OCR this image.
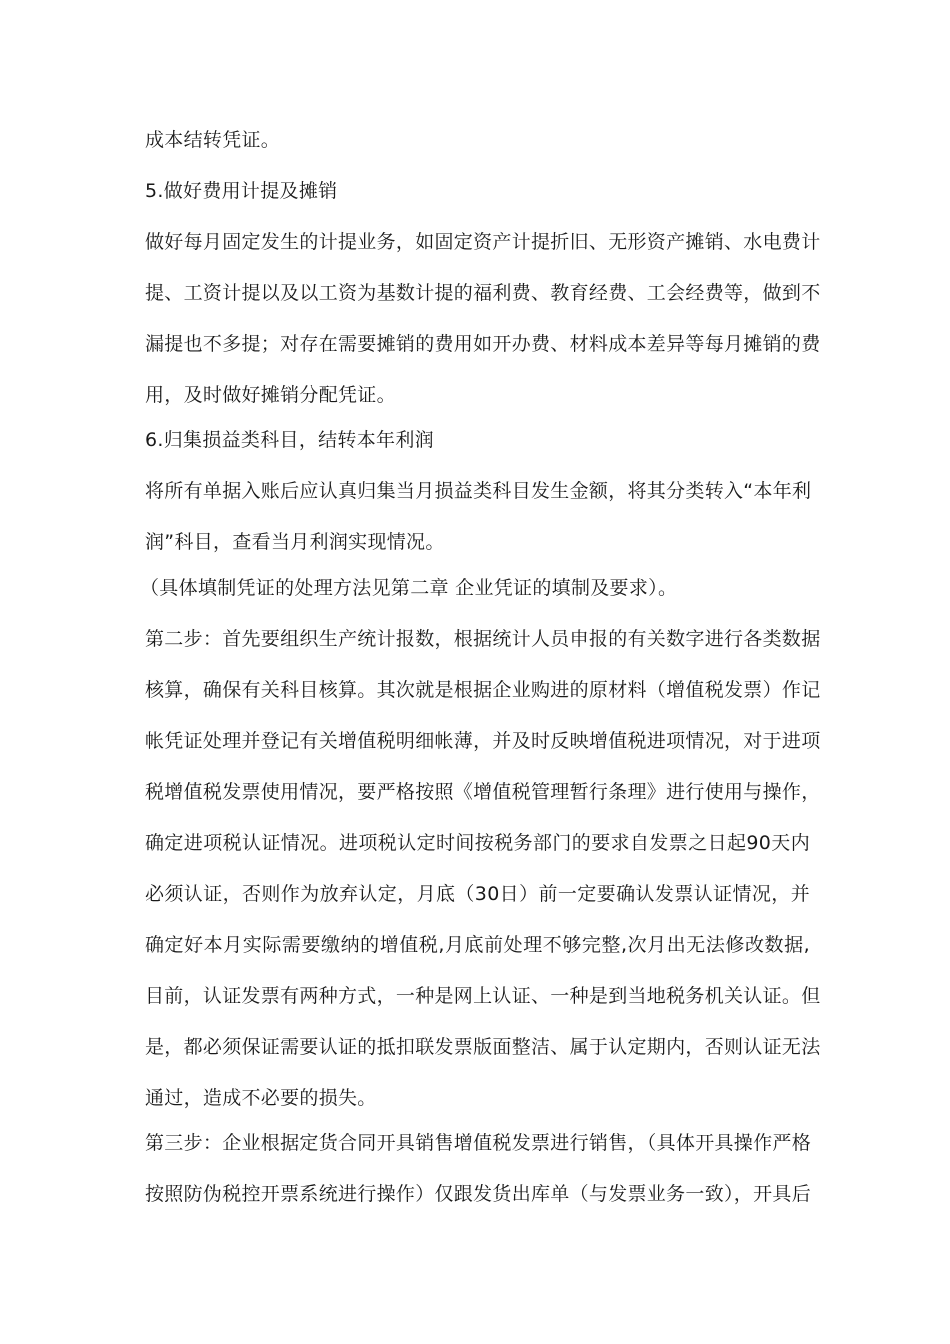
成本结转凭证。
5.做好费用计提及摊销
做好每月固定发生的计提业务，如固定资产计提折旧、无形资产摊销、水电费计
提、工资计提以及以工资为基数计提的福利费、教育经费、工会经费等，做到不
漏提也不多提；对存在需要摊销的费用如开办费、材料成本差异等每月摊销的费
用，及时做好摊销分配凭证。
6.归集损益类科目，结转本年利润
将所有单据入账后应认真归集当月损益类科目发生金额，将其分类转入“本年利
润”科目，查看当月利润实现情况。
（具体填制凭证的处理方法见第二章 企业凭证的填制及要求）。
第二步：首先要组织生产统计报数，根据统计人员申报的有关数字进行各类数据
核算，确保有关科目核算。其次就是根据企业购进的原材料（增值税发票）作记
帐凭证处理并登记有关增值税明细帐薄，并及时反映增值税进项情况，对于进项
税增值税发票使用情况，要严格按照《增值税管理暂行条理》进行使用与操作，
确定进项税认证情况。进项税认定时间按税务部门的要求自发票之日起90天内
必须认证，否则作为放弃认定，月底（30日）前一定要确认发票认证情况，并
确定好本月实际需要缴纳的增值税,月底前处理不够完整,次月出无法修改数据,
目前，认证发票有两种方式，一种是网上认证、一种是到当地税务机关认证。但
是，都必须保证需要认证的抵扣联发票版面整洁、属于认定期内，否则认证无法
通过，造成不必要的损失。
第三步：企业根据定货合同开具销售增值税发票进行销售，（具体开具操作严格
按照防伪税控开票系统进行操作）仅跟发货出库单（与发票业务一致），开具后
